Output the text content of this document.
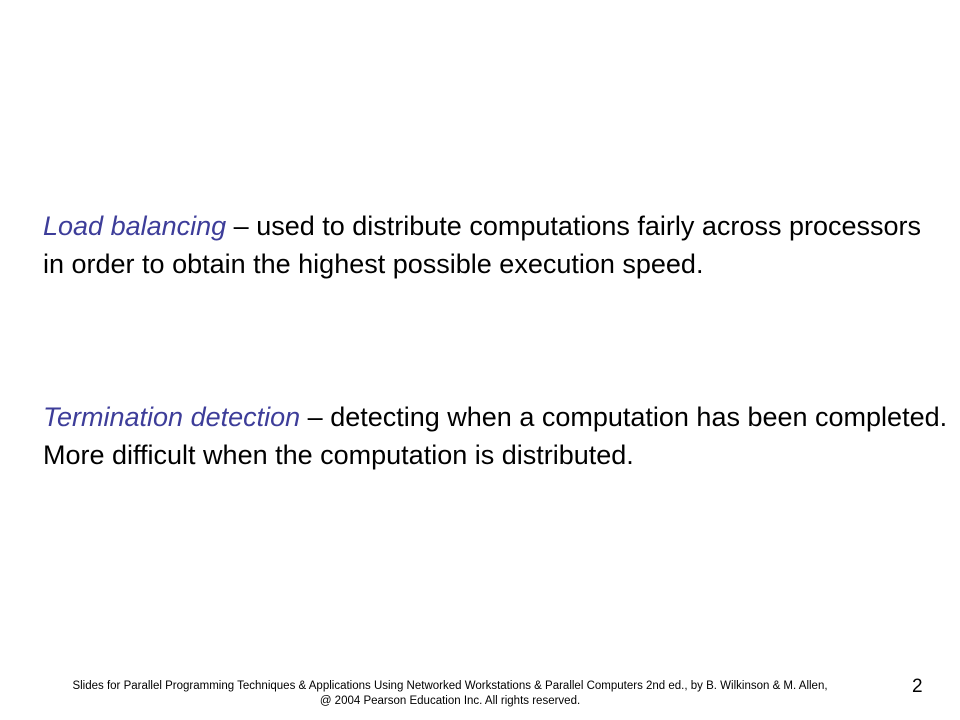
Load balancing – used to distribute computations fairly across processors in order to obtain the highest possible execution speed.

Termination detection – detecting when a computation has been completed. More difficult when the computation is distributed.

Slides for Parallel Programming Techniques & Applications Using Networked Workstations & Parallel Computers 2nd ed., by B. Wilkinson & M. Allen,
@ 2004 Pearson Education Inc. All rights reserved.
2
